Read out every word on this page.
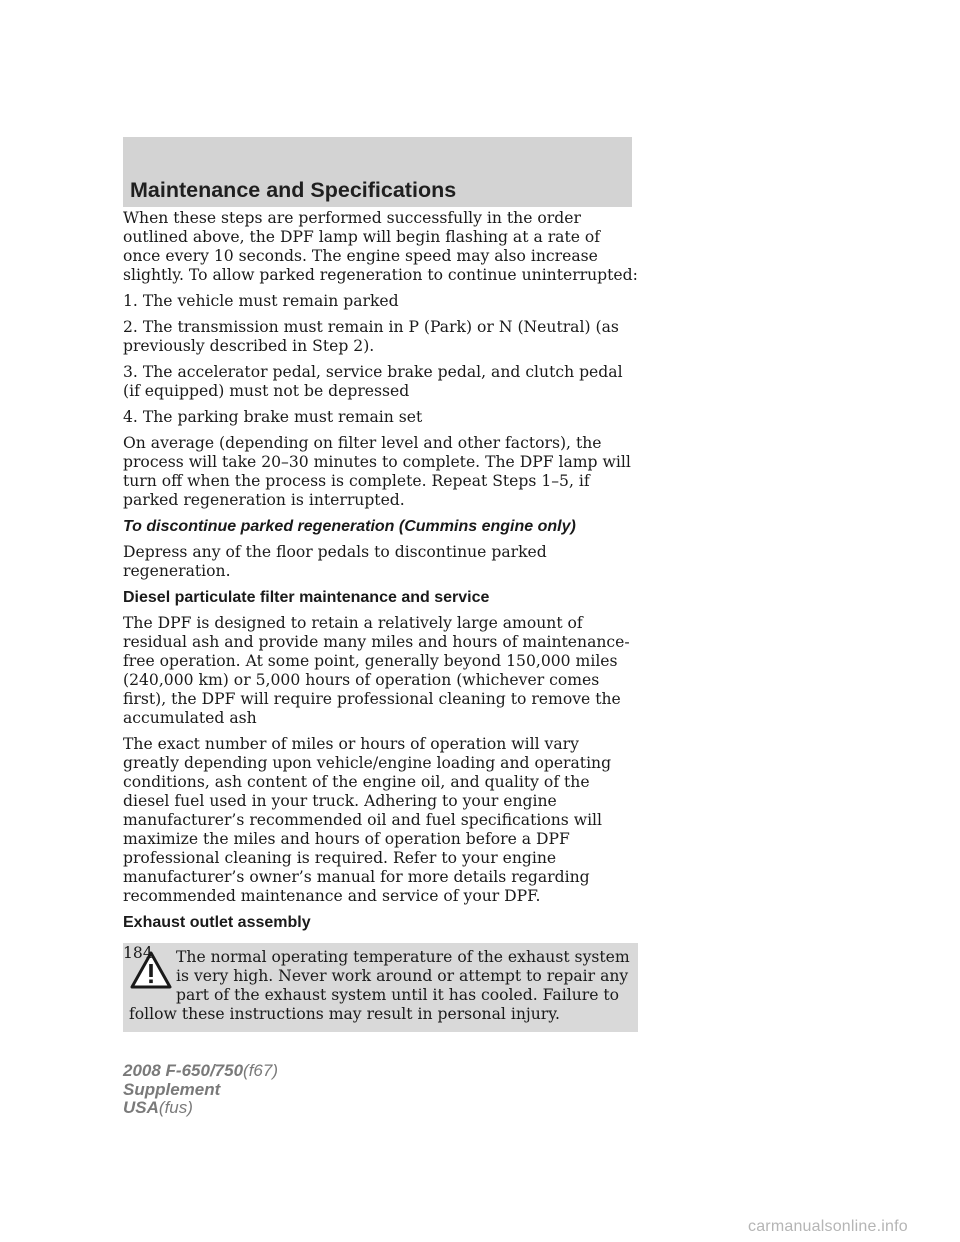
Maintenance and Specifications

When these steps are performed successfully in the order outlined above, the DPF lamp will begin flashing at a rate of once every 10 seconds. The engine speed may also increase slightly. To allow parked regeneration to continue uninterrupted:

1. The vehicle must remain parked

2. The transmission must remain in P (Park) or N (Neutral) (as previously described in Step 2).

3. The accelerator pedal, service brake pedal, and clutch pedal (if equipped) must not be depressed

4. The parking brake must remain set

On average (depending on filter level and other factors), the process will take 20–30 minutes to complete. The DPF lamp will turn off when the process is complete. Repeat Steps 1–5, if parked regeneration is interrupted.

To discontinue parked regeneration (Cummins engine only)

Depress any of the floor pedals to discontinue parked regeneration.

Diesel particulate filter maintenance and service

The DPF is designed to retain a relatively large amount of residual ash and provide many miles and hours of maintenance-free operation. At some point, generally beyond 150,000 miles (240,000 km) or 5,000 hours of operation (whichever comes first), the DPF will require professional cleaning to remove the accumulated ash

The exact number of miles or hours of operation will vary greatly depending upon vehicle/engine loading and operating conditions, ash content of the engine oil, and quality of the diesel fuel used in your truck. Adhering to your engine manufacturer’s recommended oil and fuel specifications will maximize the miles and hours of operation before a DPF professional cleaning is required. Refer to your engine manufacturer’s owner’s manual for more details regarding recommended maintenance and service of your DPF.

Exhaust outlet assembly
The normal operating temperature of the exhaust system is very high. Never work around or attempt to repair any part of the exhaust system until it has cooled. Failure to follow these instructions may result in personal injury.
184
2008 F-650/750(f67)
Supplement
USA(fus)
carmanualsonline.info
